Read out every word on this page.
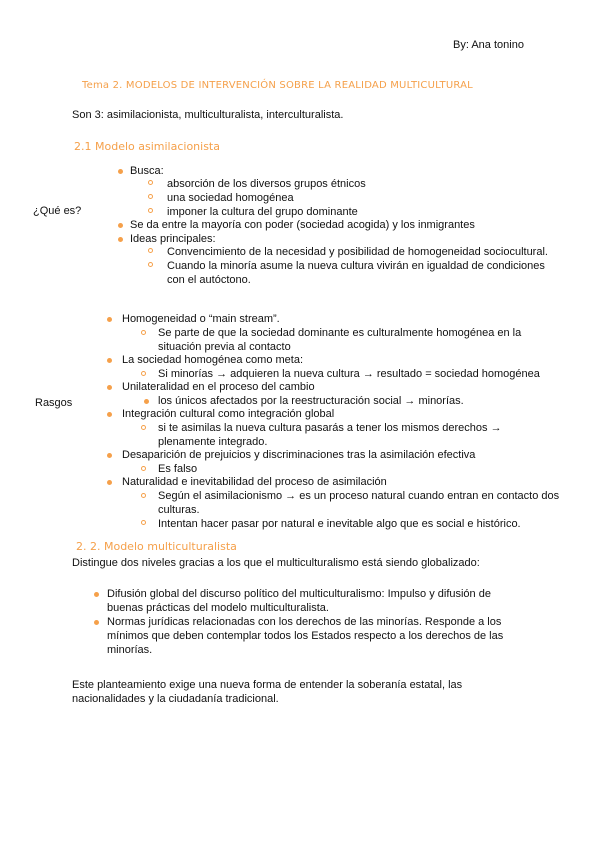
By: Ana tonino
Tema 2. MODELOS DE INTERVENCIÓN SOBRE LA REALIDAD MULTICULTURAL
Son 3: asimilacionista, multiculturalista, interculturalista.
2.1 Modelo asimilacionista
¿Qué es?
Busca:
absorción de los diversos grupos étnicos
una sociedad homogénea
imponer la cultura del grupo dominante
Se da entre la mayoría con poder (sociedad acogida) y los inmigrantes
Ideas principales:
Convencimiento de la necesidad y posibilidad de homogeneidad sociocultural.
Cuando la minoría asume la nueva cultura vivirán en igualdad de condiciones
con el autóctono.
Rasgos
Homogeneidad o “main stream”.
Se parte de que la sociedad dominante es culturalmente homogénea en la
situación previa al contacto
La sociedad homogénea como meta:
Si minorías → adquieren la nueva cultura → resultado = sociedad homogénea
Unilateralidad en el proceso del cambio
los únicos afectados por la reestructuración social → minorías.
Integración cultural como integración global
si te asimilas la nueva cultura pasarás a tener los mismos derechos →
plenamente integrado.
Desaparición de prejuicios y discriminaciones tras la asimilación efectiva
Es falso
Naturalidad e inevitabilidad del proceso de asimilación
Según el asimilacionismo → es un proceso natural cuando entran en contacto dos
culturas.
Intentan hacer pasar por natural e inevitable algo que es social e histórico.
2. 2. Modelo multiculturalista
Distingue dos niveles gracias a los que el multiculturalismo está siendo globalizado:
Difusión global del discurso político del multiculturalismo: Impulso y difusión de
buenas prácticas del modelo multiculturalista.
Normas jurídicas relacionadas con los derechos de las minorías. Responde a los
mínimos que deben contemplar todos los Estados respecto a los derechos de las
minorías.
Este planteamiento exige una nueva forma de entender la soberanía estatal, las
nacionalidades y la ciudadanía tradicional.
